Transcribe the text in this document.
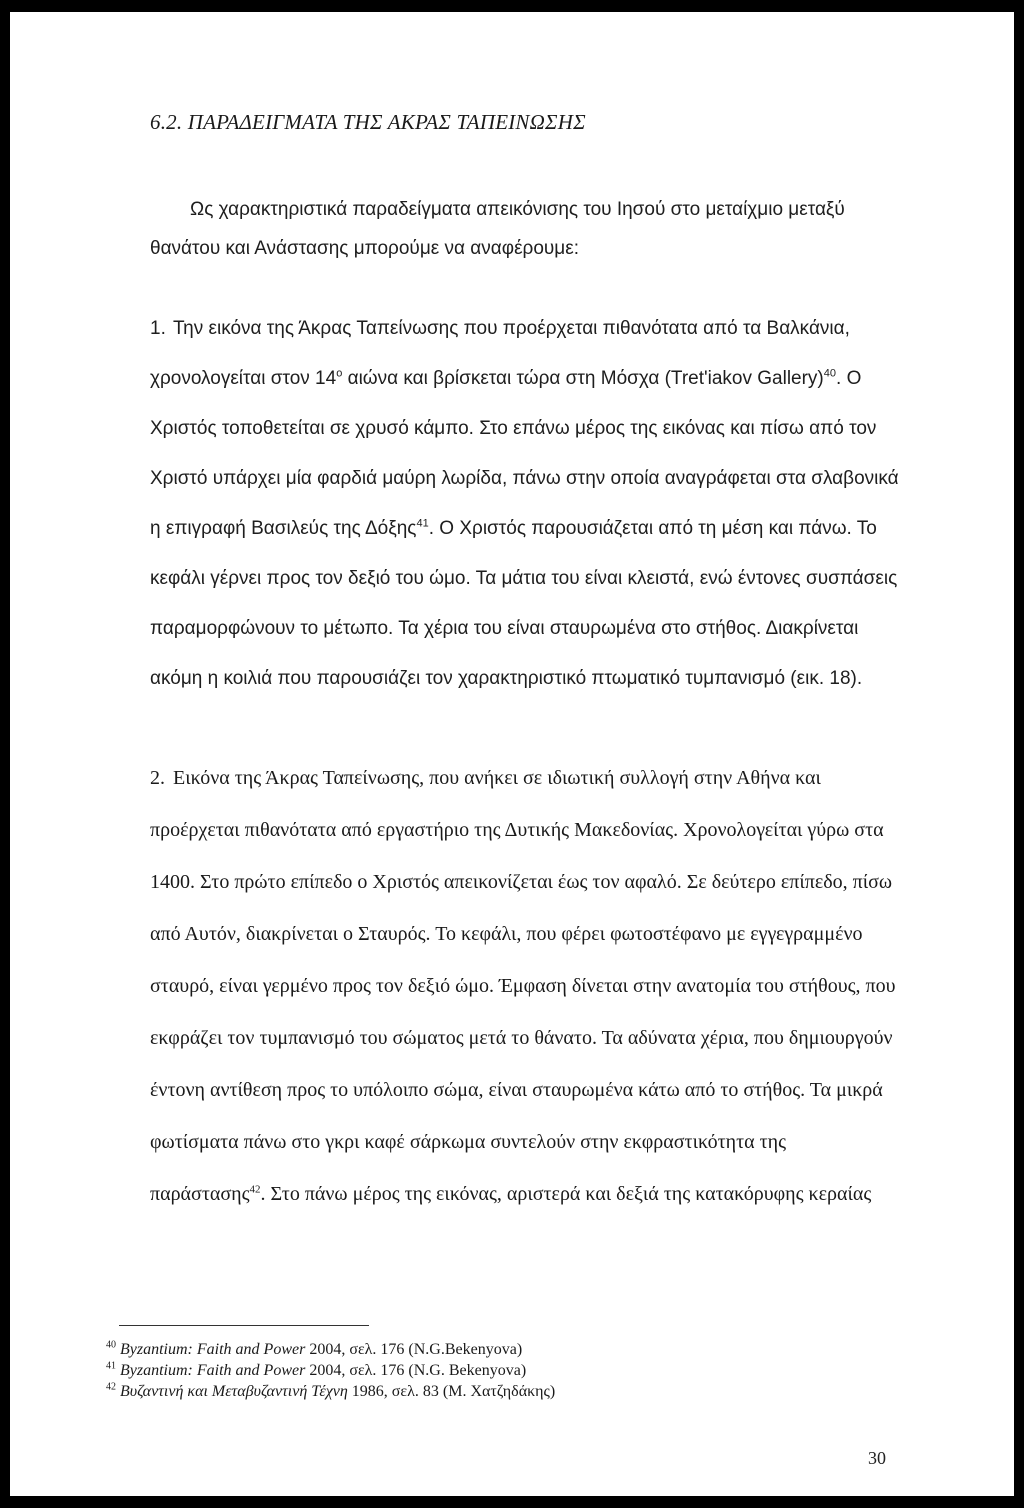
6.2. ΠΑΡΑΔΕΙΓΜΑΤΑ ΤΗΣ ΑΚΡΑΣ ΤΑΠΕΙΝΩΣΗΣ

Ως χαρακτηριστικά παραδείγματα απεικόνισης του Ιησού στο μεταίχμιο μεταξύ θανάτου και Ανάστασης μπορούμε να αναφέρουμε:

1. Την εικόνα της Άκρας Ταπείνωσης που προέρχεται πιθανότατα από τα Βαλκάνια, χρονολογείται στον $14^o$ αιώνα και βρίσκεται τώρα στη Μόσχα (Tret'iakov Gallery)$^{40}$. Ο Χριστός τοποθετείται σε χρυσό κάμπο. Στο επάνω μέρος της εικόνας και πίσω από τον Χριστό υπάρχει μία φαρδιά μαύρη λωρίδα, πάνω στην οποία αναγράφεται στα σλαβονικά η επιγραφή Βασιλεύς της Δόξης$^{41}$. Ο Χριστός παρουσιάζεται από τη μέση και πάνω. Το κεφάλι γέρνει προς τον δεξιό του ώμο. Τα μάτια του είναι κλειστά, ενώ έντονες συσπάσεις παραμορφώνουν το μέτωπο. Τα χέρια του είναι σταυρωμένα στο στήθος. Διακρίνεται ακόμη η κοιλιά που παρουσιάζει τον χαρακτηριστικό πτωματικό τυμπανισμό (εικ. 18).

2. Εικόνα της Άκρας Ταπείνωσης, που ανήκει σε ιδιωτική συλλογή στην Αθήνα και προέρχεται πιθανότατα από εργαστήριο της Δυτικής Μακεδονίας. Χρονολογείται γύρω στα 1400. Στο πρώτο επίπεδο ο Χριστός απεικονίζεται έως τον αφαλό. Σε δεύτερο επίπεδο, πίσω από Αυτόν, διακρίνεται ο Σταυρός. Το κεφάλι, που φέρει φωτοστέφανο με εγγεγραμμένο σταυρό, είναι γερμένο προς τον δεξιό ώμο. Έμφαση δίνεται στην ανατομία του στήθους, που εκφράζει τον τυμπανισμό του σώματος μετά το θάνατο. Τα αδύνατα χέρια, που δημιουργούν έντονη αντίθεση προς το υπόλοιπο σώμα, είναι σταυρωμένα κάτω από το στήθος. Τα μικρά φωτίσματα πάνω στο γκρι καφέ σάρκωμα συντελούν στην εκφραστικότητα της παράστασης$^{42}$. Στο πάνω μέρος της εικόνας, αριστερά και δεξιά της κατακόρυφης κεραίας

$^{40}$ Byzantium: Faith and Power 2004, σελ. 176 (N.G.Bekenyova)
$^{41}$ Byzantium: Faith and Power 2004, σελ. 176 (N.G. Bekenyova)
$^{42}$ Βυζαντινή και Μεταβυζαντινή Τέχνη 1986, σελ. 83 (Μ. Χατζηδάκης)
30
